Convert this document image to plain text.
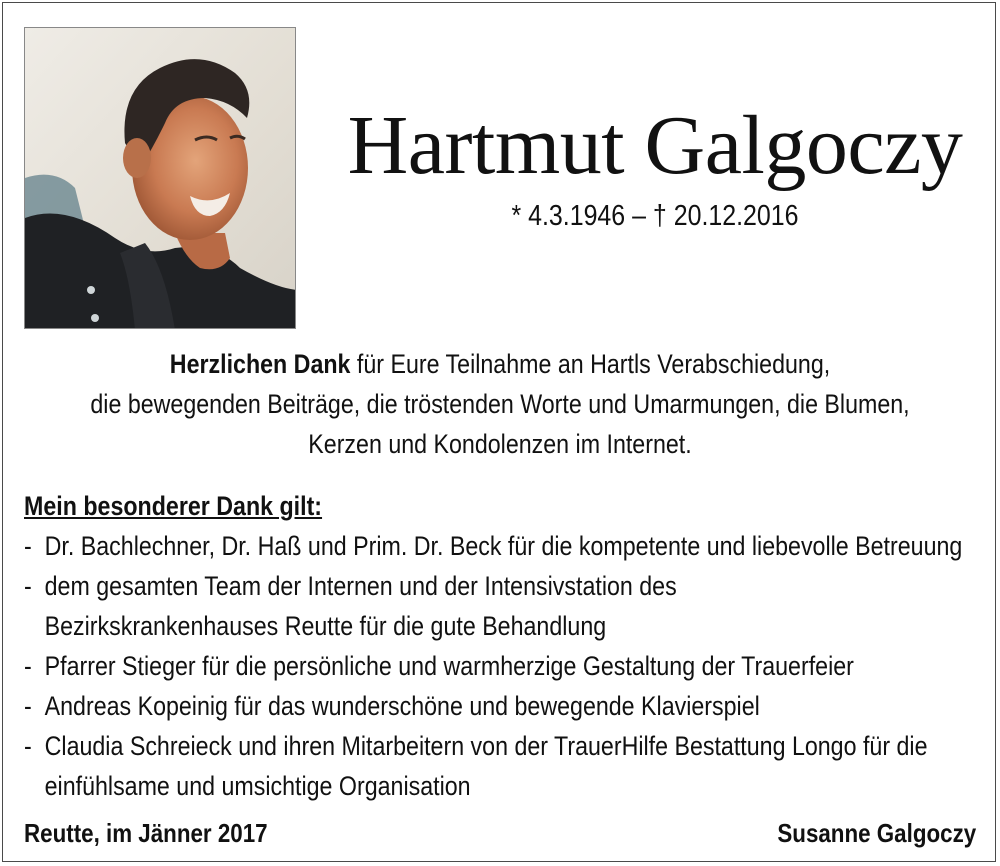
Hartmut Galgoczy
* 4.3.1946 – † 20.12.2016
Herzlichen Dank für Eure Teilnahme an Hartls Verabschiedung,
die bewegenden Beiträge, die tröstenden Worte und Umarmungen, die Blumen,
Kerzen und Kondolenzen im Internet.
Mein besonderer Dank gilt:
- Dr. Bachlechner, Dr. Haß und Prim. Dr. Beck für die kompetente und liebevolle Betreuung
- dem gesamten Team der Internen und der Intensivstation des
Bezirkskrankenhauses Reutte für die gute Behandlung
- Pfarrer Stieger für die persönliche und warmherzige Gestaltung der Trauerfeier
- Andreas Kopeinig für das wunderschöne und bewegende Klavierspiel
- Claudia Schreieck und ihren Mitarbeitern von der TrauerHilfe Bestattung Longo für die
einfühlsame und umsichtige Organisation
Reutte, im Jänner 2017	Susanne Galgoczy
